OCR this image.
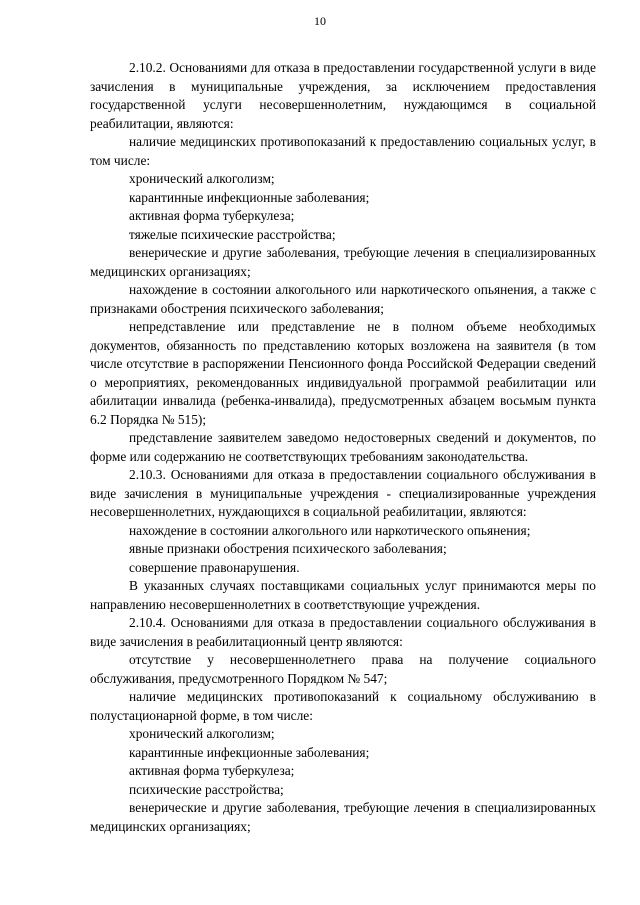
10

2.10.2. Основаниями для отказа в предоставлении государственной услуги в виде зачисления в муниципальные учреждения, за исключением предоставления государственной услуги несовершеннолетним, нуждающимся в социальной реабилитации, являются:

наличие медицинских противопоказаний к предоставлению социальных услуг, в том числе:

хронический алкоголизм;

карантинные инфекционные заболевания;

активная форма туберкулеза;

тяжелые психические расстройства;

венерические и другие заболевания, требующие лечения в специализированных медицинских организациях;

нахождение в состоянии алкогольного или наркотического опьянения, а также с признаками обострения психического заболевания;

непредставление или представление не в полном объеме необходимых документов, обязанность по представлению которых возложена на заявителя (в том числе отсутствие в распоряжении Пенсионного фонда Российской Федерации сведений о мероприятиях, рекомендованных индивидуальной программой реабилитации или абилитации инвалида (ребенка-инвалида), предусмотренных абзацем восьмым пункта 6.2 Порядка № 515);

представление заявителем заведомо недостоверных сведений и документов, по форме или содержанию не соответствующих требованиям законодательства.

2.10.3. Основаниями для отказа в предоставлении социального обслуживания в виде зачисления в муниципальные учреждения - специализированные учреждения несовершеннолетних, нуждающихся в социальной реабилитации, являются:

нахождение в состоянии алкогольного или наркотического опьянения;

явные признаки обострения психического заболевания;

совершение правонарушения.

В указанных случаях поставщиками социальных услуг принимаются меры по направлению несовершеннолетних в соответствующие учреждения.

2.10.4. Основаниями для отказа в предоставлении социального обслуживания в виде зачисления в реабилитационный центр являются:

отсутствие у несовершеннолетнего права на получение социального обслуживания, предусмотренного Порядком № 547;

наличие медицинских противопоказаний к социальному обслуживанию в полустационарной форме, в том числе:

хронический алкоголизм;

карантинные инфекционные заболевания;

активная форма туберкулеза;

психические расстройства;

венерические и другие заболевания, требующие лечения в специализированных медицинских организациях;
